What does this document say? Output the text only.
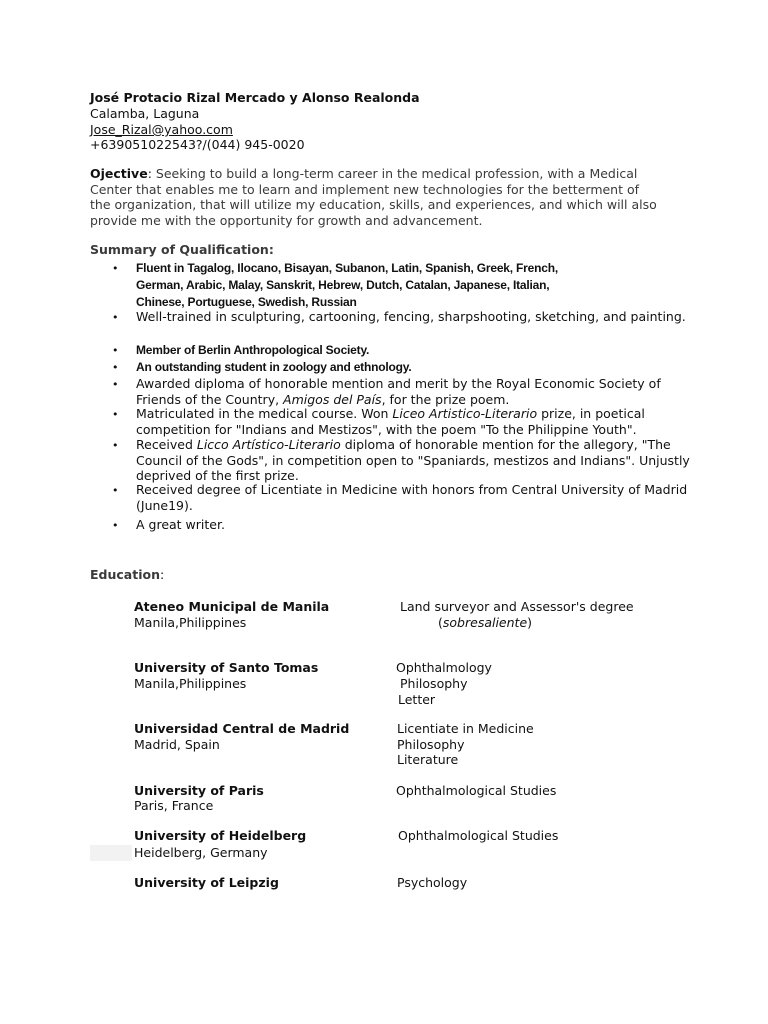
José Protacio Rizal Mercado y Alonso Realonda
Calamba, Laguna
Jose_Rizal@yahoo.com
+639051022543?/(044) 945-0020
Ojective: Seeking to build a long-term career in the medical profession, with a Medical Center that enables me to learn and implement new technologies for the betterment of the organization, that will utilize my education, skills, and experiences, and which will also provide me with the opportunity for growth and advancement.
Summary of Qualification:
• Fluent in Tagalog, Ilocano, Bisayan, Subanon, Latin, Spanish, Greek, French, German, Arabic, Malay, Sanskrit, Hebrew, Dutch, Catalan, Japanese, Italian, Chinese, Portuguese, Swedish, Russian
• Well-trained in sculpturing, cartooning, fencing, sharpshooting, sketching, and painting.
• Member of Berlin Anthropological Society.
• An outstanding student in zoology and ethnology.
• Awarded diploma of honorable mention and merit by the Royal Economic Society of Friends of the Country, Amigos del País, for the prize poem.
• Matriculated in the medical course. Won Liceo Artistico-Literario prize, in poetical competition for "Indians and Mestizos", with the poem "To the Philippine Youth".
• Received Licco Artístico-Literario diploma of honorable mention for the allegory, "The Council of the Gods", in competition open to "Spaniards, mestizos and Indians". Unjustly deprived of the first prize.
• Received degree of Licentiate in Medicine with honors from Central University of Madrid (June19).
• A great writer.
Education:
Ateneo Municipal de Manila
Manila,Philippines
Land surveyor and Assessor's degree
(sobresaliente)
University of Santo Tomas
Manila,Philippines
Ophthalmology
Philosophy
Letter
Universidad Central de Madrid
Madrid, Spain
Licentiate in Medicine
Philosophy
Literature
University of Paris
Paris, France
Ophthalmological Studies
University of Heidelberg
Heidelberg, Germany
Ophthalmological Studies
University of Leipzig	Psychology
